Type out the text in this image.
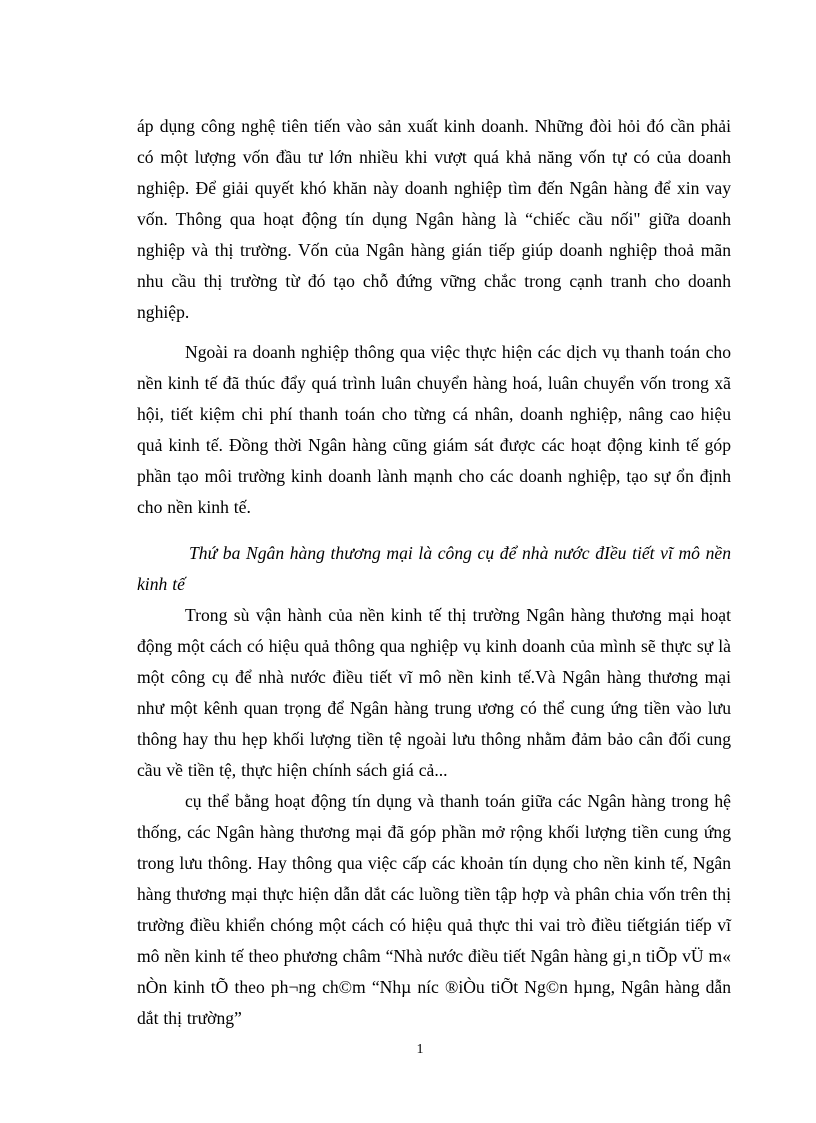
áp dụng công nghệ tiên tiến vào sản xuất kinh doanh. Những đòi hỏi đó cần phải có một lượng vốn đầu tư lớn nhiều khi vượt quá khả năng vốn tự có của doanh nghiệp. Để giải quyết khó khăn này doanh nghiệp tìm đến Ngân hàng để xin vay vốn. Thông qua hoạt động tín dụng Ngân hàng là “chiếc cầu nối" giữa doanh nghiệp và thị trường. Vốn của Ngân hàng gián tiếp giúp doanh nghiệp thoả mãn nhu cầu thị trường từ đó tạo chỗ đứng vững chắc trong cạnh tranh cho doanh nghiệp.

Ngoài ra doanh nghiệp thông qua việc thực hiện các dịch vụ thanh toán cho nền kinh tế đã thúc đẩy quá trình luân chuyển hàng hoá, luân chuyển vốn trong xã hội, tiết kiệm chi phí thanh toán cho từng cá nhân, doanh nghiệp, nâng cao hiệu quả kinh tế. Đồng thời Ngân hàng cũng giám sát được các hoạt động kinh tế góp phần tạo môi trường kinh doanh lành mạnh cho các doanh nghiệp, tạo sự ổn định cho nền kinh tế.

Thứ ba Ngân hàng thương mại là công cụ để nhà nước đIều tiết vĩ mô nền kinh tế

Trong sù vận hành của nền kinh tế thị trường Ngân hàng thương mại hoạt động một cách có hiệu quả thông qua nghiệp vụ kinh doanh của mình sẽ thực sự là một công cụ để nhà nước điều tiết vĩ mô nền kinh tế.Và Ngân hàng thương mại như một kênh quan trọng để Ngân hàng trung ương có thể cung ứng tiền vào lưu thông hay thu hẹp khối lượng tiền tệ ngoài lưu thông nhằm đảm bảo cân đối cung cầu về tiền tệ, thực hiện chính sách giá cả...

cụ thể bằng hoạt động tín dụng và thanh toán giữa các Ngân hàng trong hệ thống, các Ngân hàng thương mại đã góp phần mở rộng khối lượng tiền cung ứng trong lưu thông. Hay thông qua việc cấp các khoản tín dụng cho nền kinh tế, Ngân hàng thương mại thực hiện dẫn dắt các luồng tiền tập hợp và phân chia vốn trên thị trường điều khiển chóng một cách có hiệu quả thực thi vai trò điều tiếtgián tiếp vĩ mô nền kinh tế theo phương châm “Nhà nước điều tiết Ngân hàng gi¸n tiÕp vÜ m« nÒn kinh tÕ theo ph¬ng ch©m “Nhµ níc ®iÒu tiÕt Ng©n hµng, Ngân hàng dẫn dắt thị trường”

1
